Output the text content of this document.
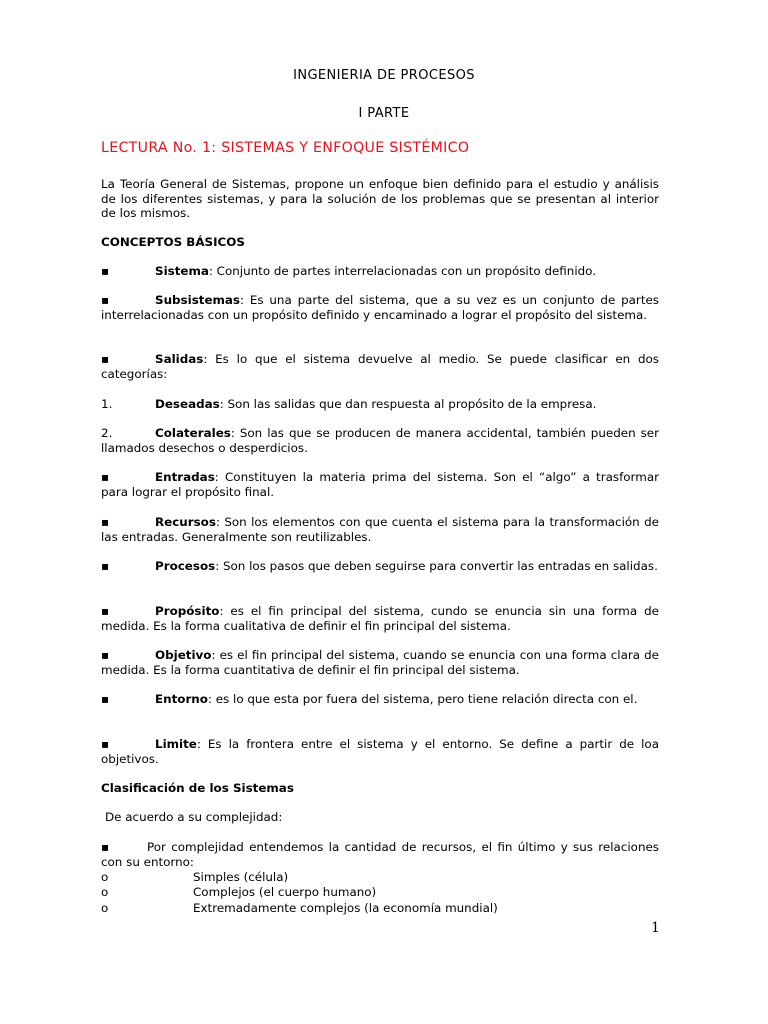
INGENIERIA DE PROCESOS
I PARTE
LECTURA No. 1: SISTEMAS Y ENFOQUE SISTÉMICO
La Teoría General de Sistemas, propone un enfoque bien definido para el estudio y análisis de los diferentes sistemas, y para la solución de los problemas que se presentan al interior de los mismos.
CONCEPTOS BÁSICOS
▪	Sistema: Conjunto de partes interrelacionadas con un propósito definido.
▪	Subsistemas: Es una parte del sistema, que a su vez es un conjunto de partes interrelacionadas con un propósito definido y encaminado a lograr el propósito del sistema.
▪	Salidas: Es lo que el sistema devuelve al medio. Se puede clasificar en dos categorías:
1.	Deseadas: Son las salidas que dan respuesta al propósito de la empresa.
2.	Colaterales: Son las que se producen de manera accidental, también pueden ser llamados desechos o desperdicios.
▪	Entradas: Constituyen la materia prima del sistema. Son el “algo” a trasformar para lograr el propósito final.
▪	Recursos: Son los elementos con que cuenta el sistema para la transformación de las entradas. Generalmente son reutilizables.
▪	Procesos: Son los pasos que deben seguirse para convertir las entradas en salidas.
▪	Propósito: es el fin principal del sistema, cundo se enuncia sin una forma de medida. Es la forma cualitativa de definir el fin principal del sistema.
▪	Objetivo: es el fin principal del sistema, cuando se enuncia con una forma clara de medida. Es la forma cuantitativa de definir el fin principal del sistema.
▪	Entorno: es lo que esta por fuera del sistema, pero tiene relación directa con el.
▪	Limite: Es la frontera entre el sistema y el entorno. Se define a partir de loa objetivos.
Clasificación de los Sistemas
De acuerdo a su complejidad:
▪	Por complejidad entendemos la cantidad de recursos, el fin último y sus relaciones con su entorno:
o	Simples (célula)
o	Complejos (el cuerpo humano)
o	Extremadamente complejos (la economía mundial)
1
